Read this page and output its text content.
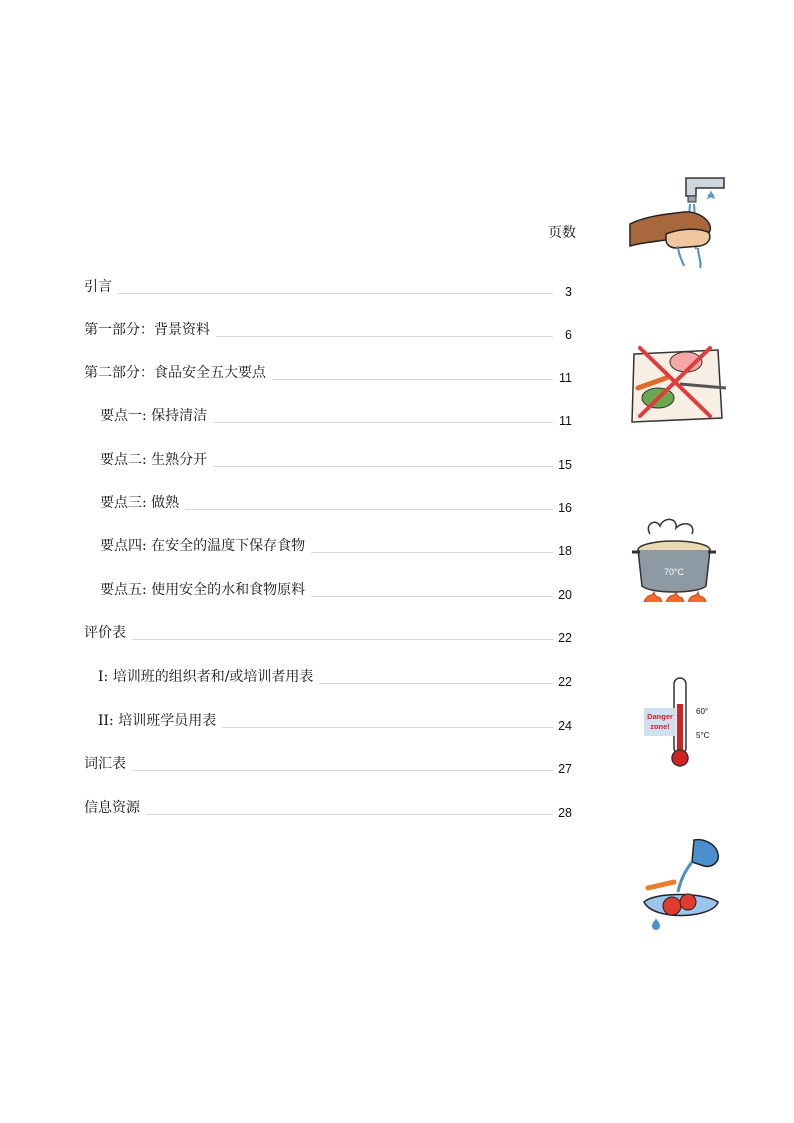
页数
引言	3
第一部分：背景资料	6
第二部分：食品安全五大要点	11
要点一: 保持清洁	11
要点二: 生熟分开	15
要点三: 做熟	16
要点四: 在安全的温度下保存食物	18
要点五: 使用安全的水和食物原料	20
评价表	22
I: 培训班的组织者和/或培训者用表	22
II: 培训班学员用表	24
词汇表	27
信息资源	28
70°C
Danger
zone!
60°
5°C
